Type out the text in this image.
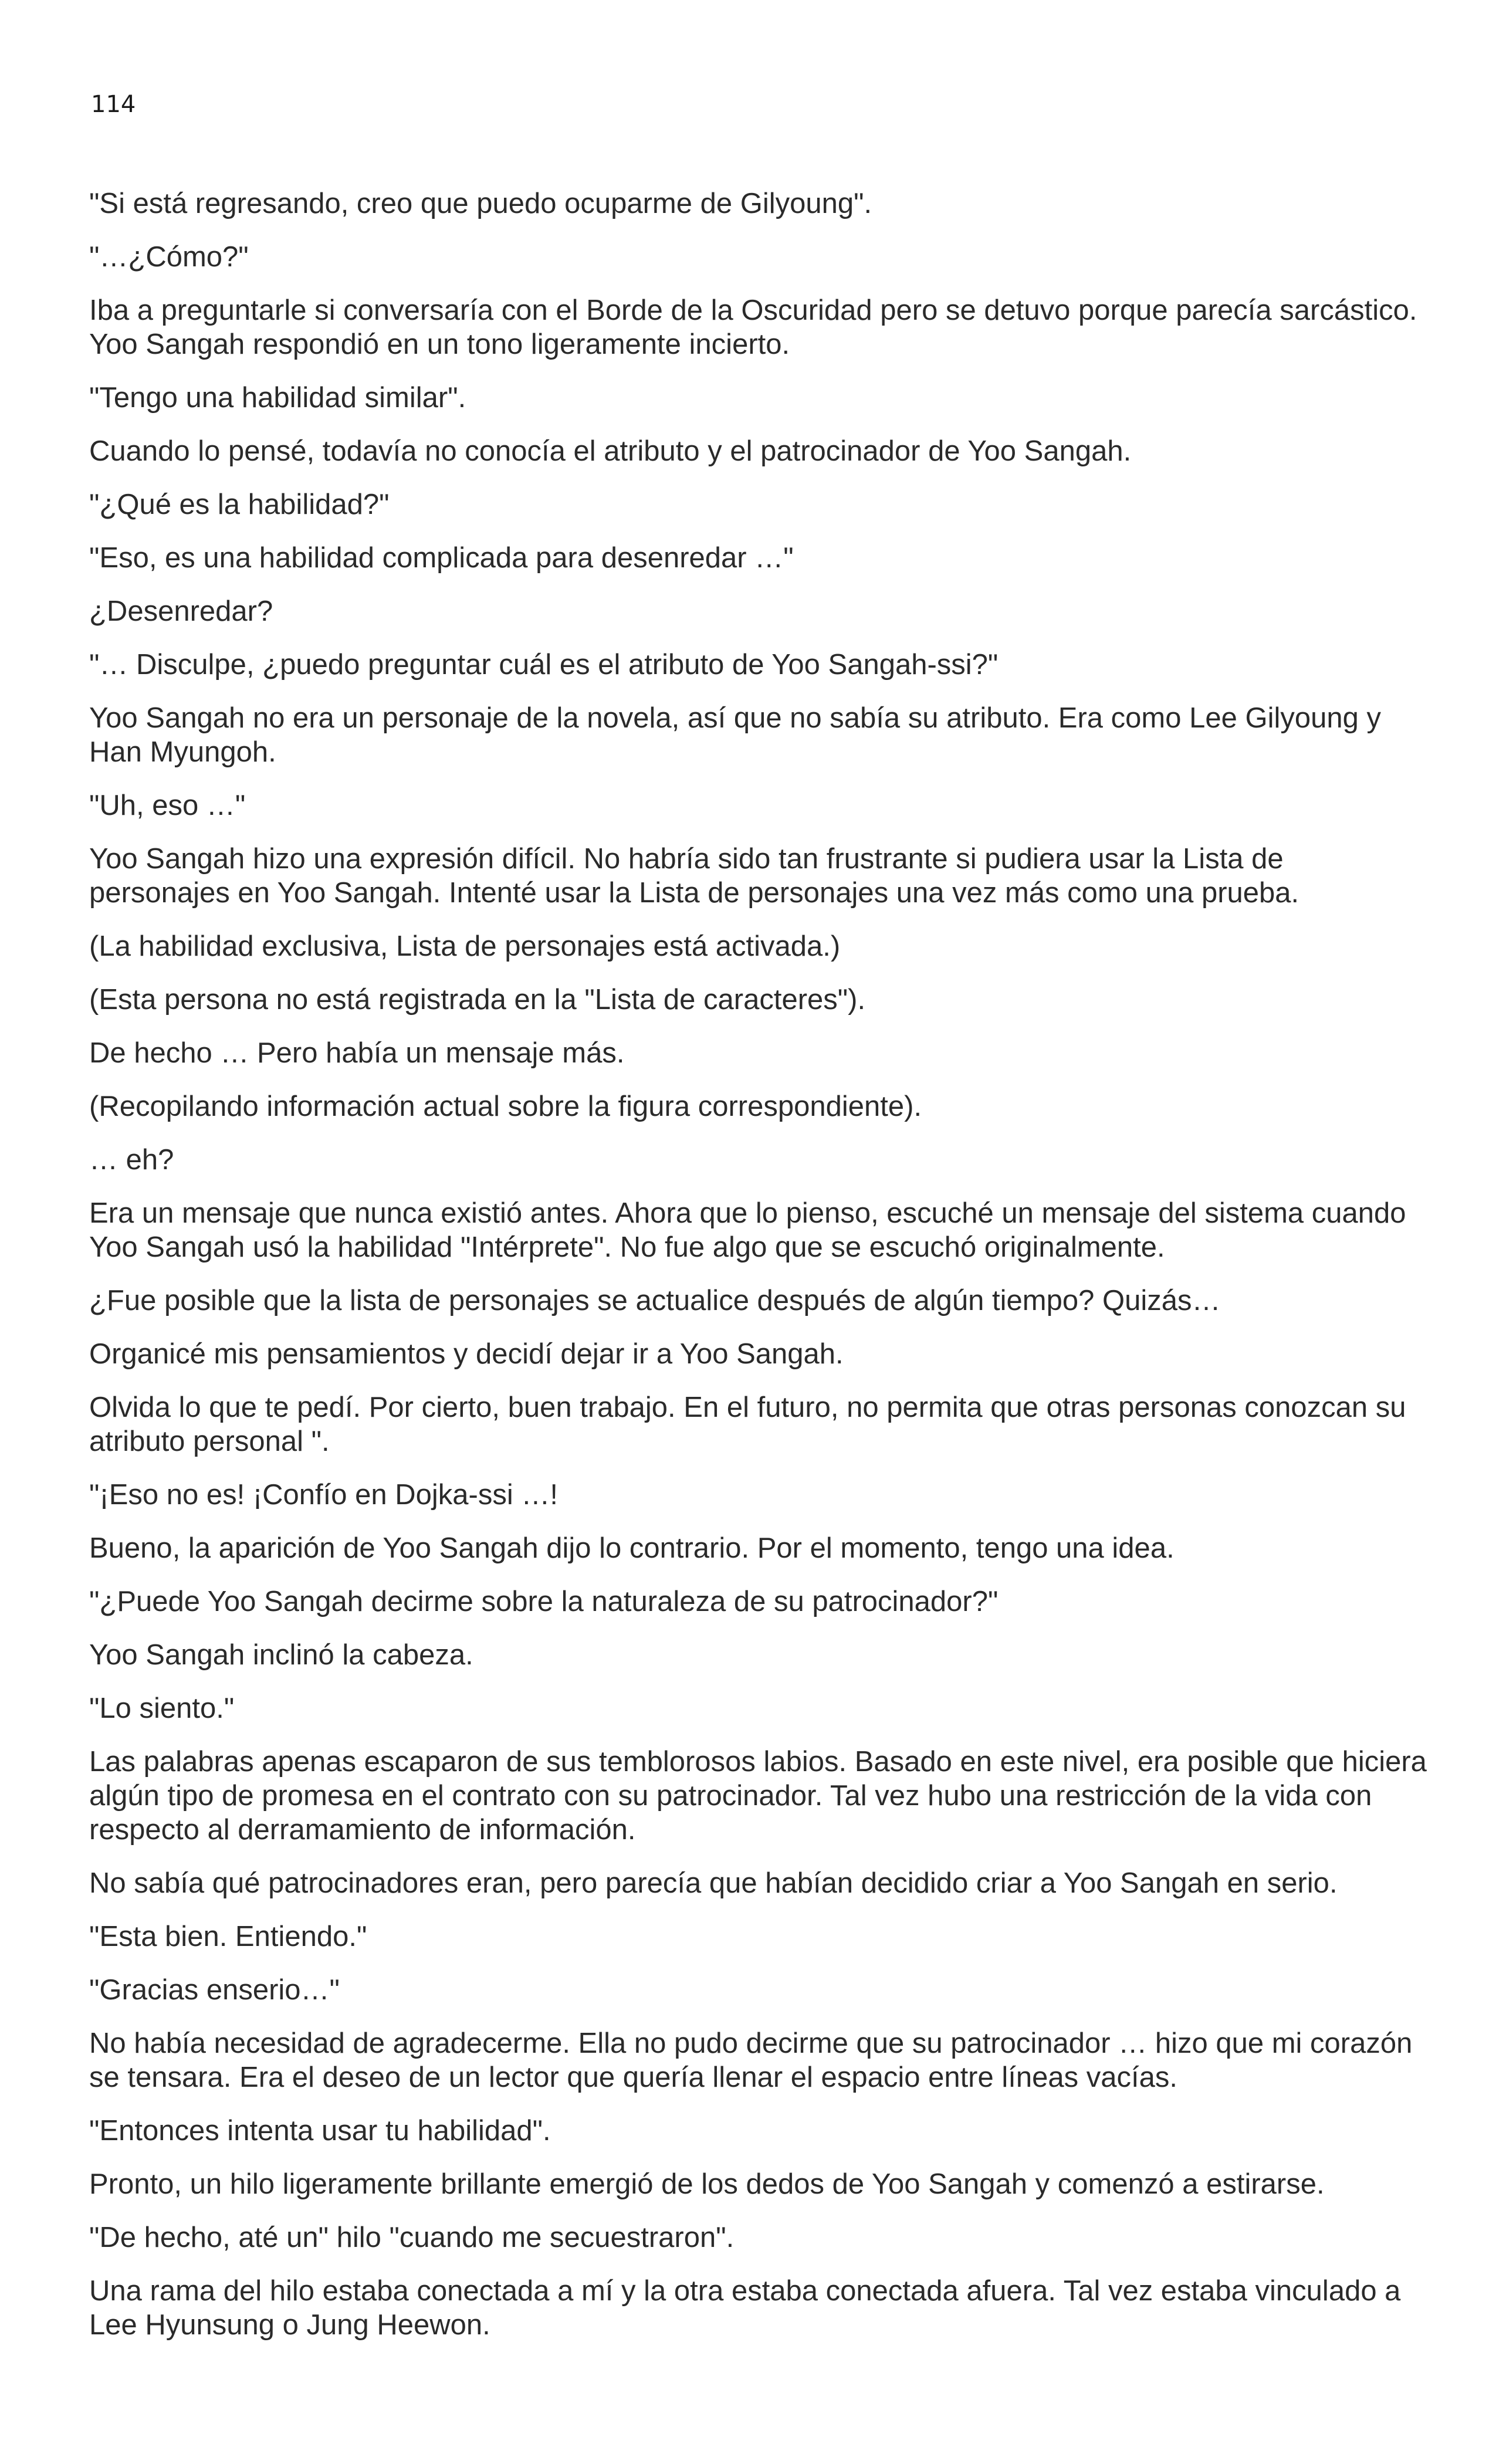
114

"Si está regresando, creo que puedo ocuparme de Gilyoung".

"…¿Cómo?"

Iba a preguntarle si conversaría con el Borde de la Oscuridad pero se detuvo porque parecía sarcástico. Yoo Sangah respondió en un tono ligeramente incierto.

"Tengo una habilidad similar".

Cuando lo pensé, todavía no conocía el atributo y el patrocinador de Yoo Sangah.

"¿Qué es la habilidad?"

"Eso, es una habilidad complicada para desenredar …"

¿Desenredar?

"… Disculpe, ¿puedo preguntar cuál es el atributo de Yoo Sangah-ssi?"

Yoo Sangah no era un personaje de la novela, así que no sabía su atributo. Era como Lee Gilyoung y Han Myungoh.

"Uh, eso …"

Yoo Sangah hizo una expresión difícil. No habría sido tan frustrante si pudiera usar la Lista de personajes en Yoo Sangah. Intenté usar la Lista de personajes una vez más como una prueba.

(La habilidad exclusiva, Lista de personajes está activada.)

(Esta persona no está registrada en la "Lista de caracteres").

De hecho … Pero había un mensaje más.

(Recopilando información actual sobre la figura correspondiente).

… eh?

Era un mensaje que nunca existió antes. Ahora que lo pienso, escuché un mensaje del sistema cuando Yoo Sangah usó la habilidad "Intérprete". No fue algo que se escuchó originalmente.

¿Fue posible que la lista de personajes se actualice después de algún tiempo? Quizás…

Organicé mis pensamientos y decidí dejar ir a Yoo Sangah.

Olvida lo que te pedí. Por cierto, buen trabajo. En el futuro, no permita que otras personas conozcan su atributo personal ".

"¡Eso no es! ¡Confío en Dojka-ssi …!

Bueno, la aparición de Yoo Sangah dijo lo contrario. Por el momento, tengo una idea.

"¿Puede Yoo Sangah decirme sobre la naturaleza de su patrocinador?"

Yoo Sangah inclinó la cabeza.

"Lo siento."

Las palabras apenas escaparon de sus temblorosos labios. Basado en este nivel, era posible que hiciera algún tipo de promesa en el contrato con su patrocinador. Tal vez hubo una restricción de la vida con respecto al derramamiento de información.

No sabía qué patrocinadores eran, pero parecía que habían decidido criar a Yoo Sangah en serio.

"Esta bien. Entiendo."

"Gracias enserio…"

No había necesidad de agradecerme. Ella no pudo decirme que su patrocinador … hizo que mi corazón se tensara. Era el deseo de un lector que quería llenar el espacio entre líneas vacías.

"Entonces intenta usar tu habilidad".

Pronto, un hilo ligeramente brillante emergió de los dedos de Yoo Sangah y comenzó a estirarse.

"De hecho, até un" hilo "cuando me secuestraron".

Una rama del hilo estaba conectada a mí y la otra estaba conectada afuera. Tal vez estaba vinculado a Lee Hyunsung o Jung Heewon.
